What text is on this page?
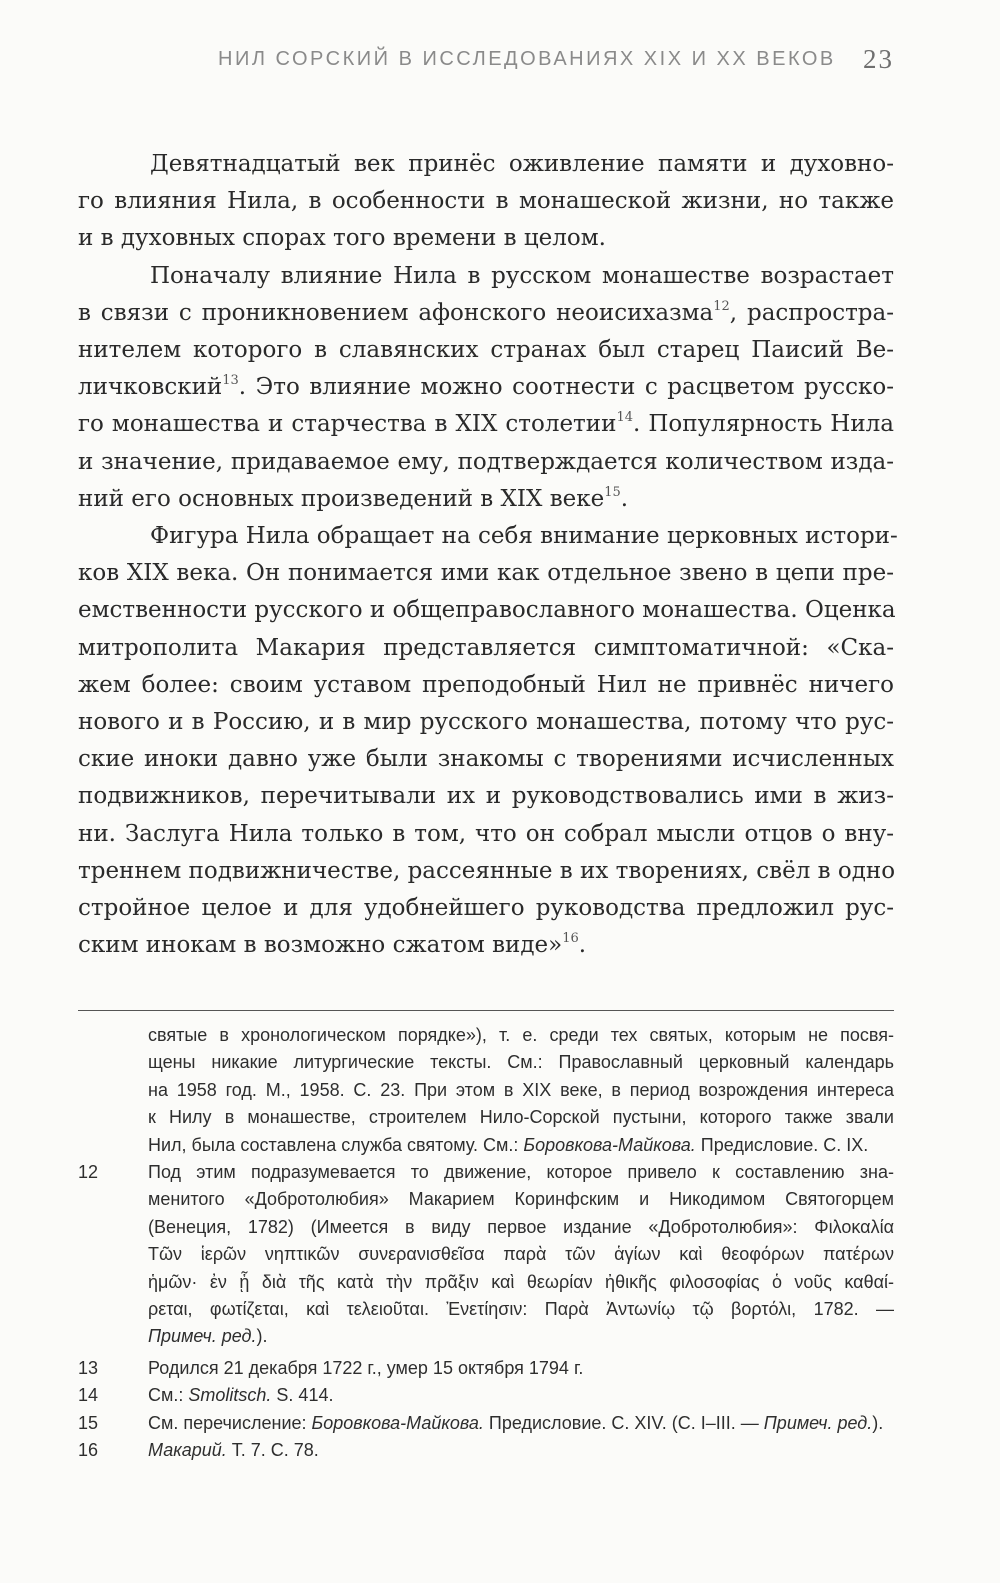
НИЛ СОРСКИЙ В ИССЛЕДОВАНИЯХ XIX И XX ВЕКОВ 23
Девятнадцатый век принёс оживление памяти и духовно-
го влияния Нила, в особенности в монашеской жизни, но также
и в духовных спорах того времени в целом.
Поначалу влияние Нила в русском монашестве возрастает
в связи с проникновением афонского неоисихазма$^{12}$, распростра-
нителем которого в славянских странах был старец Паисий Ве-
личковский$^{13}$. Это влияние можно соотнести с расцветом русско-
го монашества и старчества в XIX столетии$^{14}$. Популярность Нила
и значение, придаваемое ему, подтверждается количеством изда-
ний его основных произведений в XIX веке$^{15}$.
Фигура Нила обращает на себя внимание церковных истори-
ков XIX века. Он понимается ими как отдельное звено в цепи пре-
емственности русского и общеправославного монашества. Оценка
митрополита Макария представляется симптоматичной: «Ска-
жем более: своим уставом преподобный Нил не привнёс ничего
нового и в Россию, и в мир русского монашества, потому что рус-
ские иноки давно уже были знакомы с творениями исчисленных
подвижников, перечитывали их и руководствовались ими в жиз-
ни. Заслуга Нила только в том, что он собрал мысли отцов о вну-
треннем подвижничестве, рассеянные в их творениях, свёл в одно
стройное целое и для удобнейшего руководства предложил рус-
ским инокам в возможно сжатом виде»$^{16}$.
святые в хронологическом порядке»), т. е. среди тех святых, которым не посвя-
щены никакие литургические тексты. См.: Православный церковный календарь
на 1958 год. М., 1958. С. 23. При этом в XIX веке, в период возрождения интереса
к Нилу в монашестве, строителем Нило-Сорской пустыни, которого также звали
Нил, была составлена служба святому. См.: Боровкова-Майкова. Предисловие. С. IX.
12	Под этим подразумевается то движение, которое привело к составлению зна-
менитого «Добротолюбия» Макарием Коринфским и Никодимом Святогорцем
(Венеция, 1782) (Имеется в виду первое издание «Добротолюбия»: Φιλοκαλία
Τῶν ἱερῶν νηπτικῶν συνερανισθεῖσα παρὰ τῶν ἁγίων καὶ θεοφόρων πατέρων
ἡμῶν· ἐν ᾗ διὰ τῆς κατὰ τὴν πρᾶξιν καὶ θεωρίαν ἠθικῆς φιλοσοφίας ὁ νοῦς καθαί-
ρεται, φωτίζεται, καὶ τελειοῦται. Ἐνετίησιν: Παρὰ Ἀντωνίῳ τῷ βορτόλι, 1782. —
Примеч. ред.).
13	Родился 21 декабря 1722 г., умер 15 октября 1794 г.
14	См.: Smolitsch. S. 414.
15	См. перечисление: Боровкова-Майкова. Предисловие. С. XIV. (С. I–III. — Примеч. ред.).
16	Макарий. Т. 7. С. 78.
